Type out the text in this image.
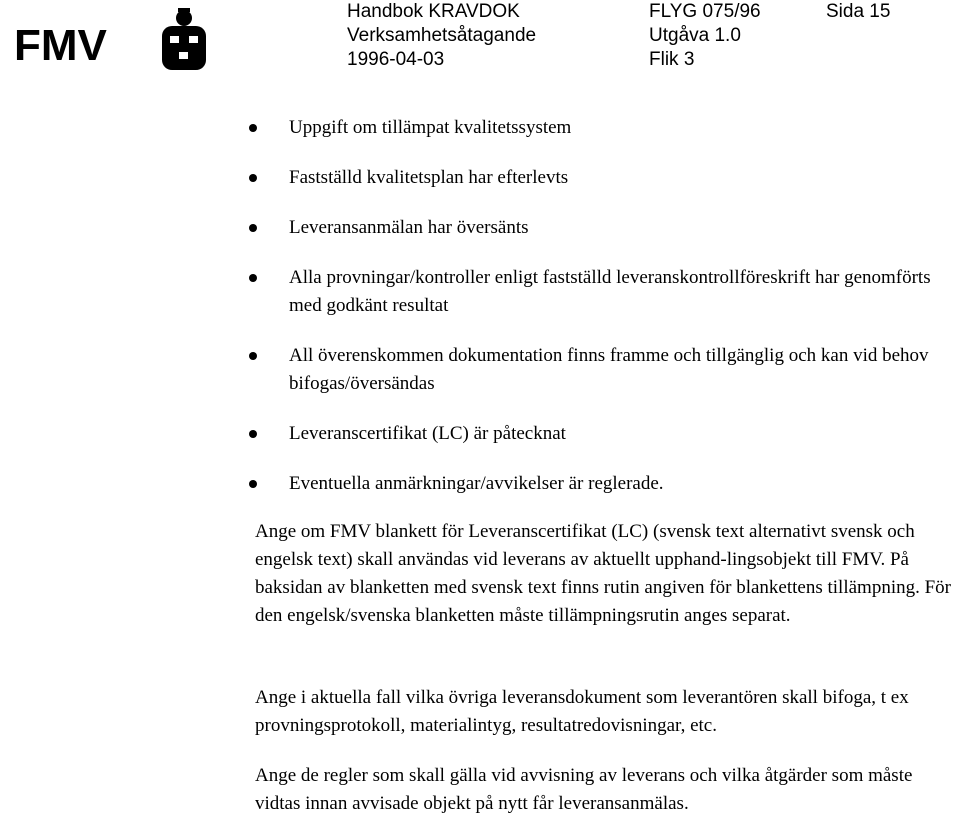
FMV
Handbok KRAVDOK	FLYG 075/96	Sida 15
Verksamhetsåtagande	Utgåva 1.0
1996-04-03	Flik 3
Uppgift om tillämpat kvalitetssystem
Fastställd kvalitetsplan har efterlevts
Leveransanmälan har översänts
Alla provningar/kontroller enligt fastställd leveranskontrollföreskrift har genomförts med godkänt resultat
All överenskommen dokumentation finns framme och tillgänglig och kan vid behov bifogas/översändas
Leveranscertifikat (LC) är påtecknat
Eventuella anmärkningar/avvikelser är reglerade.

Ange om FMV blankett för Leveranscertifikat (LC) (svensk text alternativt svensk och engelsk text) skall användas vid leverans av aktuellt upphand-lingsobjekt till FMV. På baksidan av blanketten med svensk text finns rutin angiven för blankettens tillämpning. För den engelsk/svenska blanketten måste tillämpningsrutin anges separat.

Ange i aktuella fall vilka övriga leveransdokument som leverantören skall bifoga, t ex provningsprotokoll, materialintyg, resultatredovisningar, etc.

Ange de regler som skall gälla vid avvisning av leverans och vilka åtgärder som måste vidtas innan avvisade objekt på nytt får leveransanmälas.
